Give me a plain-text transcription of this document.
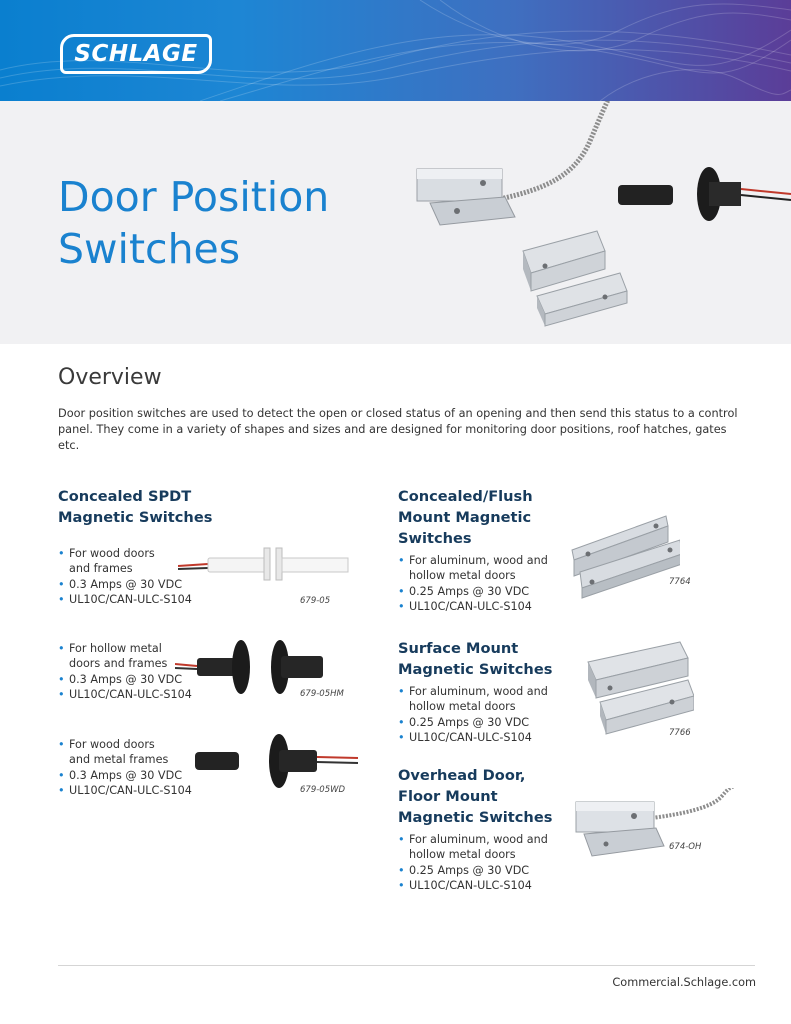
SCHLAGE
Door Position
Switches
Overview

Door position switches are used to detect the open or closed status of an opening and then send this status to a control panel. They come in a variety of shapes and sizes and are designed for monitoring door positions, roof hatches, gates etc.

Concealed SPDT
Magnetic Switches
• For wood doors
and frames
• 0.3 Amps @ 30 VDC
• UL10C/CAN-ULC-S104	679-05
• For hollow metal
doors and frames
• 0.3 Amps @ 30 VDC
• UL10C/CAN-ULC-S104	679-05HM
• For wood doors
and metal frames
• 0.3 Amps @ 30 VDC
• UL10C/CAN-ULC-S104	679-05WD
Concealed/Flush
Mount Magnetic
Switches
• For aluminum, wood and
hollow metal doors
• 0.25 Amps @ 30 VDC
• UL10C/CAN-ULC-S104
7764
Surface Mount
Magnetic Switches
• For aluminum, wood and
hollow metal doors
• 0.25 Amps @ 30 VDC
• UL10C/CAN-ULC-S104	7766
Overhead Door,
Floor Mount
Magnetic Switches
• For aluminum, wood and
hollow metal doors
• 0.25 Amps @ 30 VDC
• UL10C/CAN-ULC-S104
674-OH
Commercial.Schlage.com
